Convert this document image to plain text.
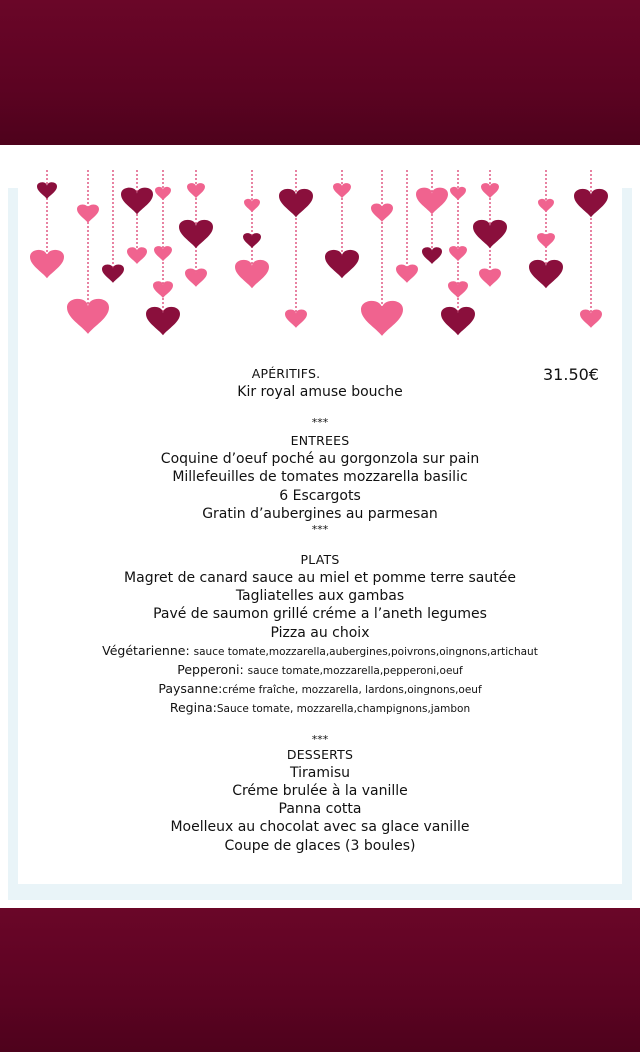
31.50€
APÉRITIFS.
Kir royal amuse bouche
***
ENTREES
Coquine d’oeuf poché au gorgonzola sur pain
Millefeuilles de tomates mozzarella basilic
6 Escargots
Gratin d’aubergines au parmesan
***
PLATS
Magret de canard sauce au miel et pomme terre sautée
Tagliatelles aux gambas
Pavé de saumon grillé créme a l’aneth legumes
Pizza au choix
Végétarienne: sauce tomate,mozzarella,aubergines,poivrons,oingnons,artichaut
Pepperoni: sauce tomate,mozzarella,pepperoni,oeuf
Paysanne:créme fraîche, mozzarella, lardons,oingnons,oeuf
Regina:Sauce tomate, mozzarella,champignons,jambon
***
DESSERTS
Tiramisu
Créme brulée à la vanille
Panna cotta
Moelleux au chocolat avec sa glace vanille
Coupe de glaces (3 boules)
